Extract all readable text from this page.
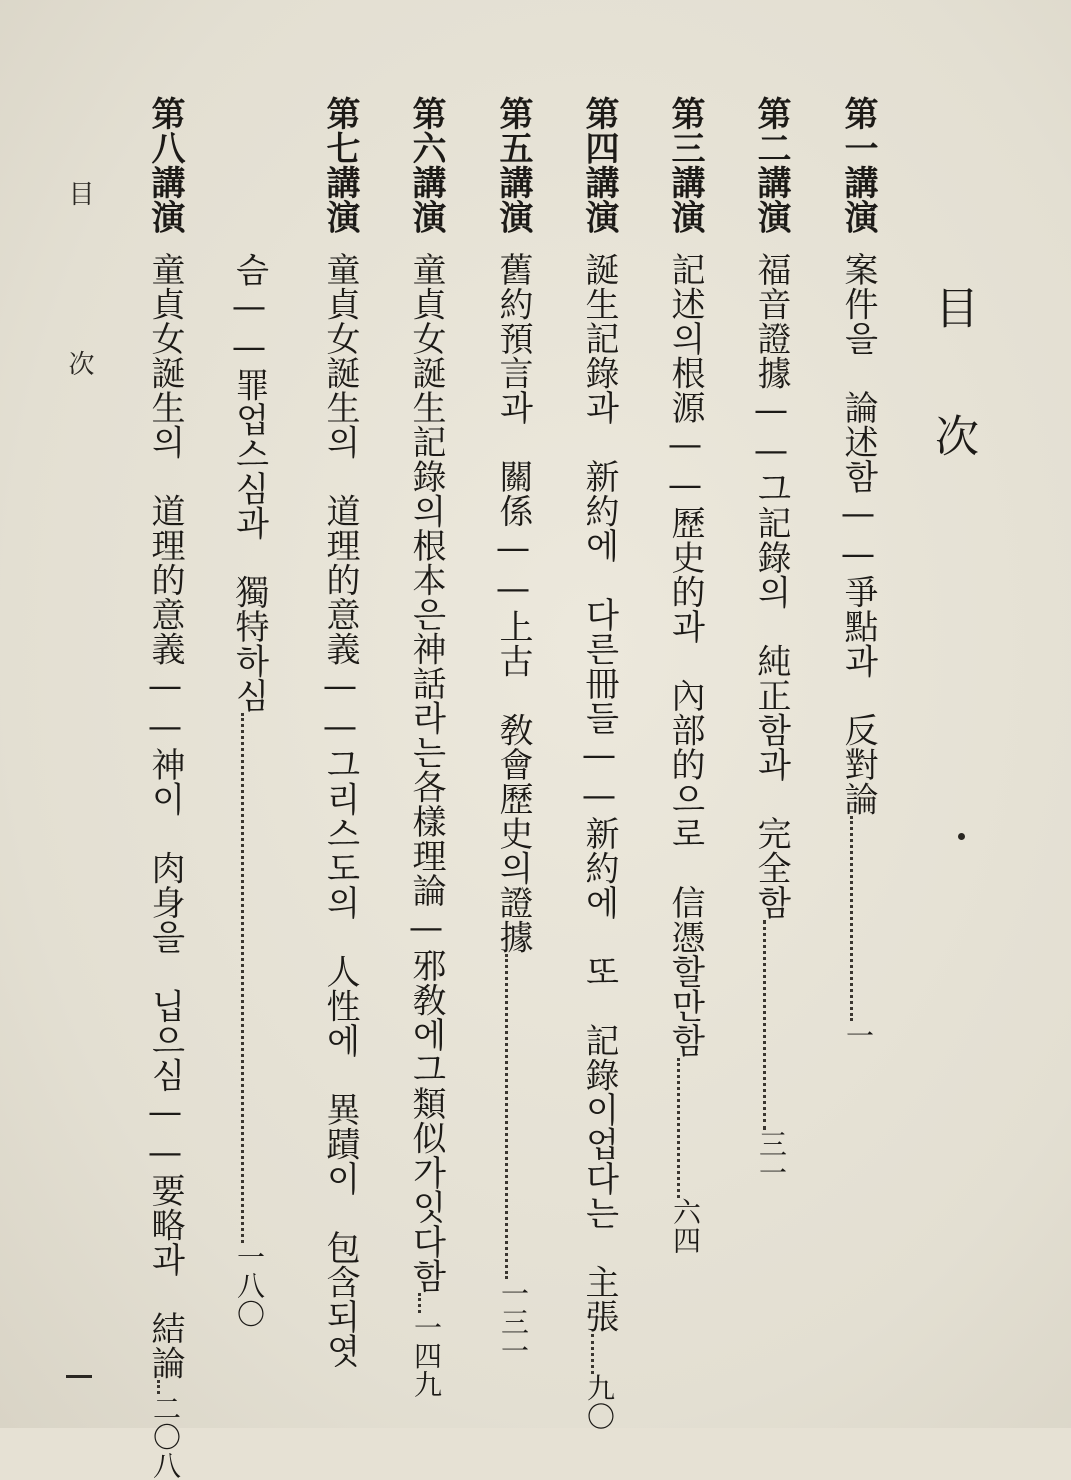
目
次
第一講演案件을　論述함——爭點과　反對論一
第二講演福音證據——그記錄의　純正함과　完全함三一
第三講演記述의根源——歷史的과　內部的으로　信憑할만함六四
第四講演誕生記錄과　新約에　다른冊들——新約에　또　記錄이업다는　主張九〇
第五講演舊約預言과　關係——上古　敎會歷史의證據一三一
第六講演童貞女誕生記錄의根本은神話라는各樣理論—邪敎에그類似가잇다함一四九
第七講演童貞女誕生의　道理的意義——그리스도의　人性에　異蹟이　包含되엿
슴——罪업스심과　獨特하심一八〇
第八講演童貞女誕生의　道理的意義——神이　肉身을　닙으심——要略과　結論二〇八
目
次
